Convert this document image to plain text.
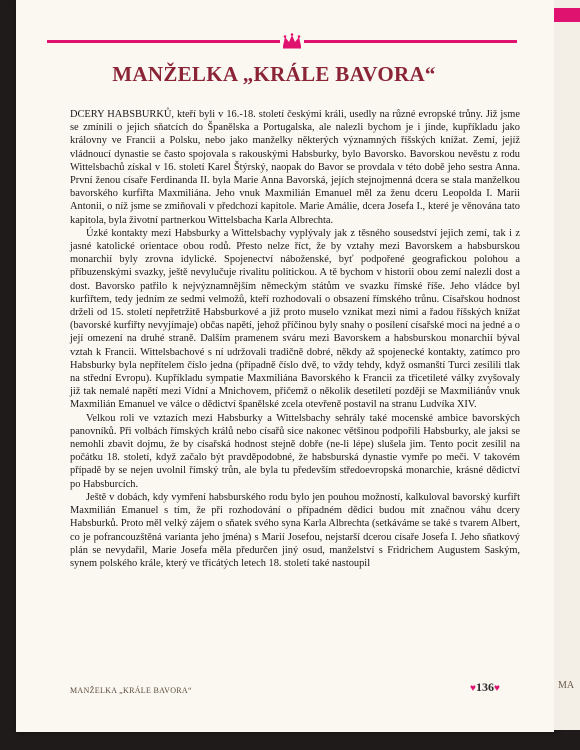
MA
MANŽELKA „KRÁLE BAVORA“

DCERY HABSBURKŮ, kteří byli v 16.-18. století českými králi, usedly na různé evropské trůny. Již jsme se zmínili o jejich sňatcích do Španělska a Portugalska, ale nalezli bychom je i jinde, kupříkladu jako královny ve Francii a Polsku, nebo jako manželky některých významných říšských knížat. Zemí, jejíž vládnoucí dynastie se často spojovala s rakouskými Habsburky, bylo Bavorsko. Bavorskou nevěstu z rodu Wittelsbachů získal v 16. století Karel Štýrský, naopak do Bavor se provdala v této době jeho sestra Anna. První ženou císaře Ferdinanda II. byla Marie Anna Bavorská, jejích stejnojmenná dcera se stala manželkou bavorského kurfiřta Maxmiliána. Jeho vnuk Maxmilián Emanuel měl za ženu dceru Leopolda I. Marii Antonii, o níž jsme se zmiňovali v předchozí kapitole. Marie Amálie, dcera Josefa I., které je věnována tato kapitola, byla životní partnerkou Wittelsbacha Karla Albrechta.

Úzké kontakty mezi Habsburky a Wittelsbachy vyplývaly jak z těsného sousedství jejich zemí, tak i z jasné katolické orientace obou rodů. Přesto nelze říct, že by vztahy mezi Bavorskem a habsburskou monarchií byly zrovna idylické. Spojenectví náboženské, byť podpořené geografickou polohou a příbuzenskými svazky, ještě nevylučuje rivalitu politickou. A tě bychom v historii obou zemí nalezli dost a dost. Bavorsko patřilo k nejvýznamnějším německým státům ve svazku římské říše. Jeho vládce byl kurfiřtem, tedy jedním ze sedmi velmožů, kteří rozhodovali o obsazení římského trůnu. Císařskou hodnost drželi od 15. století nepřetržitě Habsburkové a již proto muselo vznikat mezi nimi a řadou říšských knížat (bavorské kurfiřty nevyjímaje) občas napětí, jehož příčinou byly snahy o posílení císařské moci na jedné a o její omezení na druhé straně. Dalším pramenem sváru mezi Bavorskem a habsburskou monarchií býval vztah k Francii. Wittelsbachové s ní udržovali tradičně dobré, někdy až spojenecké kontakty, zatímco pro Habsburky byla nepřítelem číslo jedna (případně číslo dvě, to vždy tehdy, když osmanští Turci zesílili tlak na střední Evropu). Kupříkladu sympatie Maxmiliána Bavorského k Francii za třicetileté války zvyšovaly již tak nemalé napětí mezi Vídní a Mnichovem, přičemž o několik desetiletí později se Maxmiliánův vnuk Maxmilián Emanuel ve válce o dědictví španělské zcela otevřeně postavil na stranu Ludvíka XIV.

Velkou roli ve vztazích mezi Habsburky a Wittelsbachy sehrály také mocenské ambice bavorských panovníků. Při volbách římských králů nebo císařů sice nakonec většinou podpořili Habsburky, ale jaksi se nemohli zbavit dojmu, že by císařská hodnost stejně dobře (ne-li lépe) slušela jim. Tento pocit zesílil na počátku 18. století, když začalo být pravděpodobné, že habsburská dynastie vymře po meči. V takovém případě by se nejen uvolnil římský trůn, ale byla tu především středoevropská monarchie, krásné dědictví po Habsburcích.

Ještě v dobách, kdy vymření habsburského rodu bylo jen pouhou možností, kalkuloval bavorský kurfiřt Maxmilián Emanuel s tím, že při rozhodování o případném dědici budou mít značnou váhu dcery Habsburků. Proto měl velký zájem o sňatek svého syna Karla Albrechta (setkáváme se také s tvarem Albert, co je pofrancouzštěná varianta jeho jména) s Marií Josefou, nejstarší dcerou císaře Josefa I. Jeho sňatkový plán se nevydařil, Marie Josefa měla předurčen jiný osud, manželství s Fridrichem Augustem Saským, synem polského krále, který ve třicátých letech 18. století také nastoupil

MANŽELKA „KRÁLE BAVORA“	♥136♥
